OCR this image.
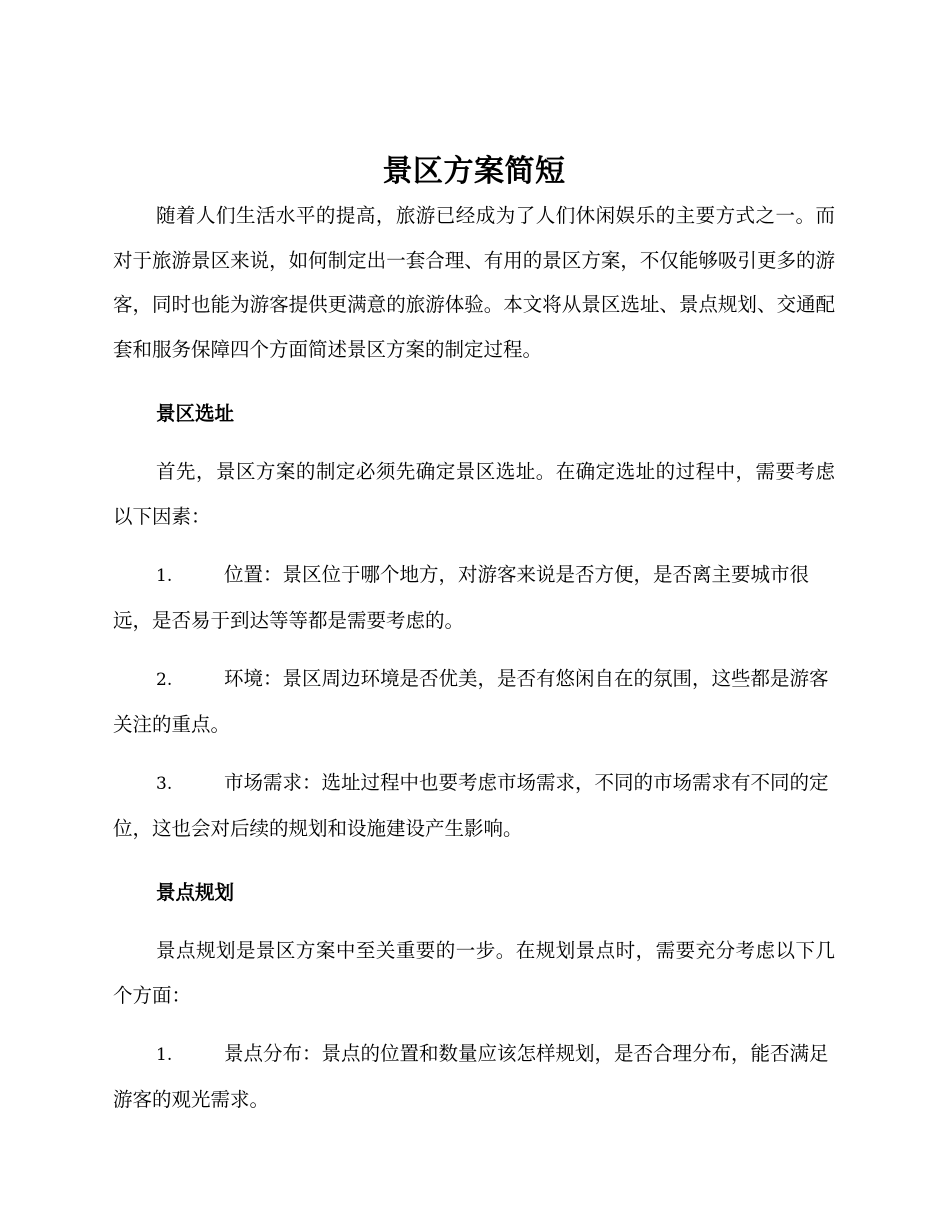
景区方案简短

随着人们生活水平的提高，旅游已经成为了人们休闲娱乐的主要方式之一。而对于旅游景区来说，如何制定出一套合理、有用的景区方案，不仅能够吸引更多的游客，同时也能为游客提供更满意的旅游体验。本文将从景区选址、景点规划、交通配套和服务保障四个方面简述景区方案的制定过程。

景区选址

首先，景区方案的制定必须先确定景区选址。在确定选址的过程中，需要考虑以下因素：

1.	位置：景区位于哪个地方，对游客来说是否方便，是否离主要城市很远，是否易于到达等等都是需要考虑的。

2.	环境：景区周边环境是否优美，是否有悠闲自在的氛围，这些都是游客关注的重点。

3.	市场需求：选址过程中也要考虑市场需求，不同的市场需求有不同的定位，这也会对后续的规划和设施建设产生影响。

景点规划

景点规划是景区方案中至关重要的一步。在规划景点时，需要充分考虑以下几个方面：

1.	景点分布：景点的位置和数量应该怎样规划，是否合理分布，能否满足游客的观光需求。
